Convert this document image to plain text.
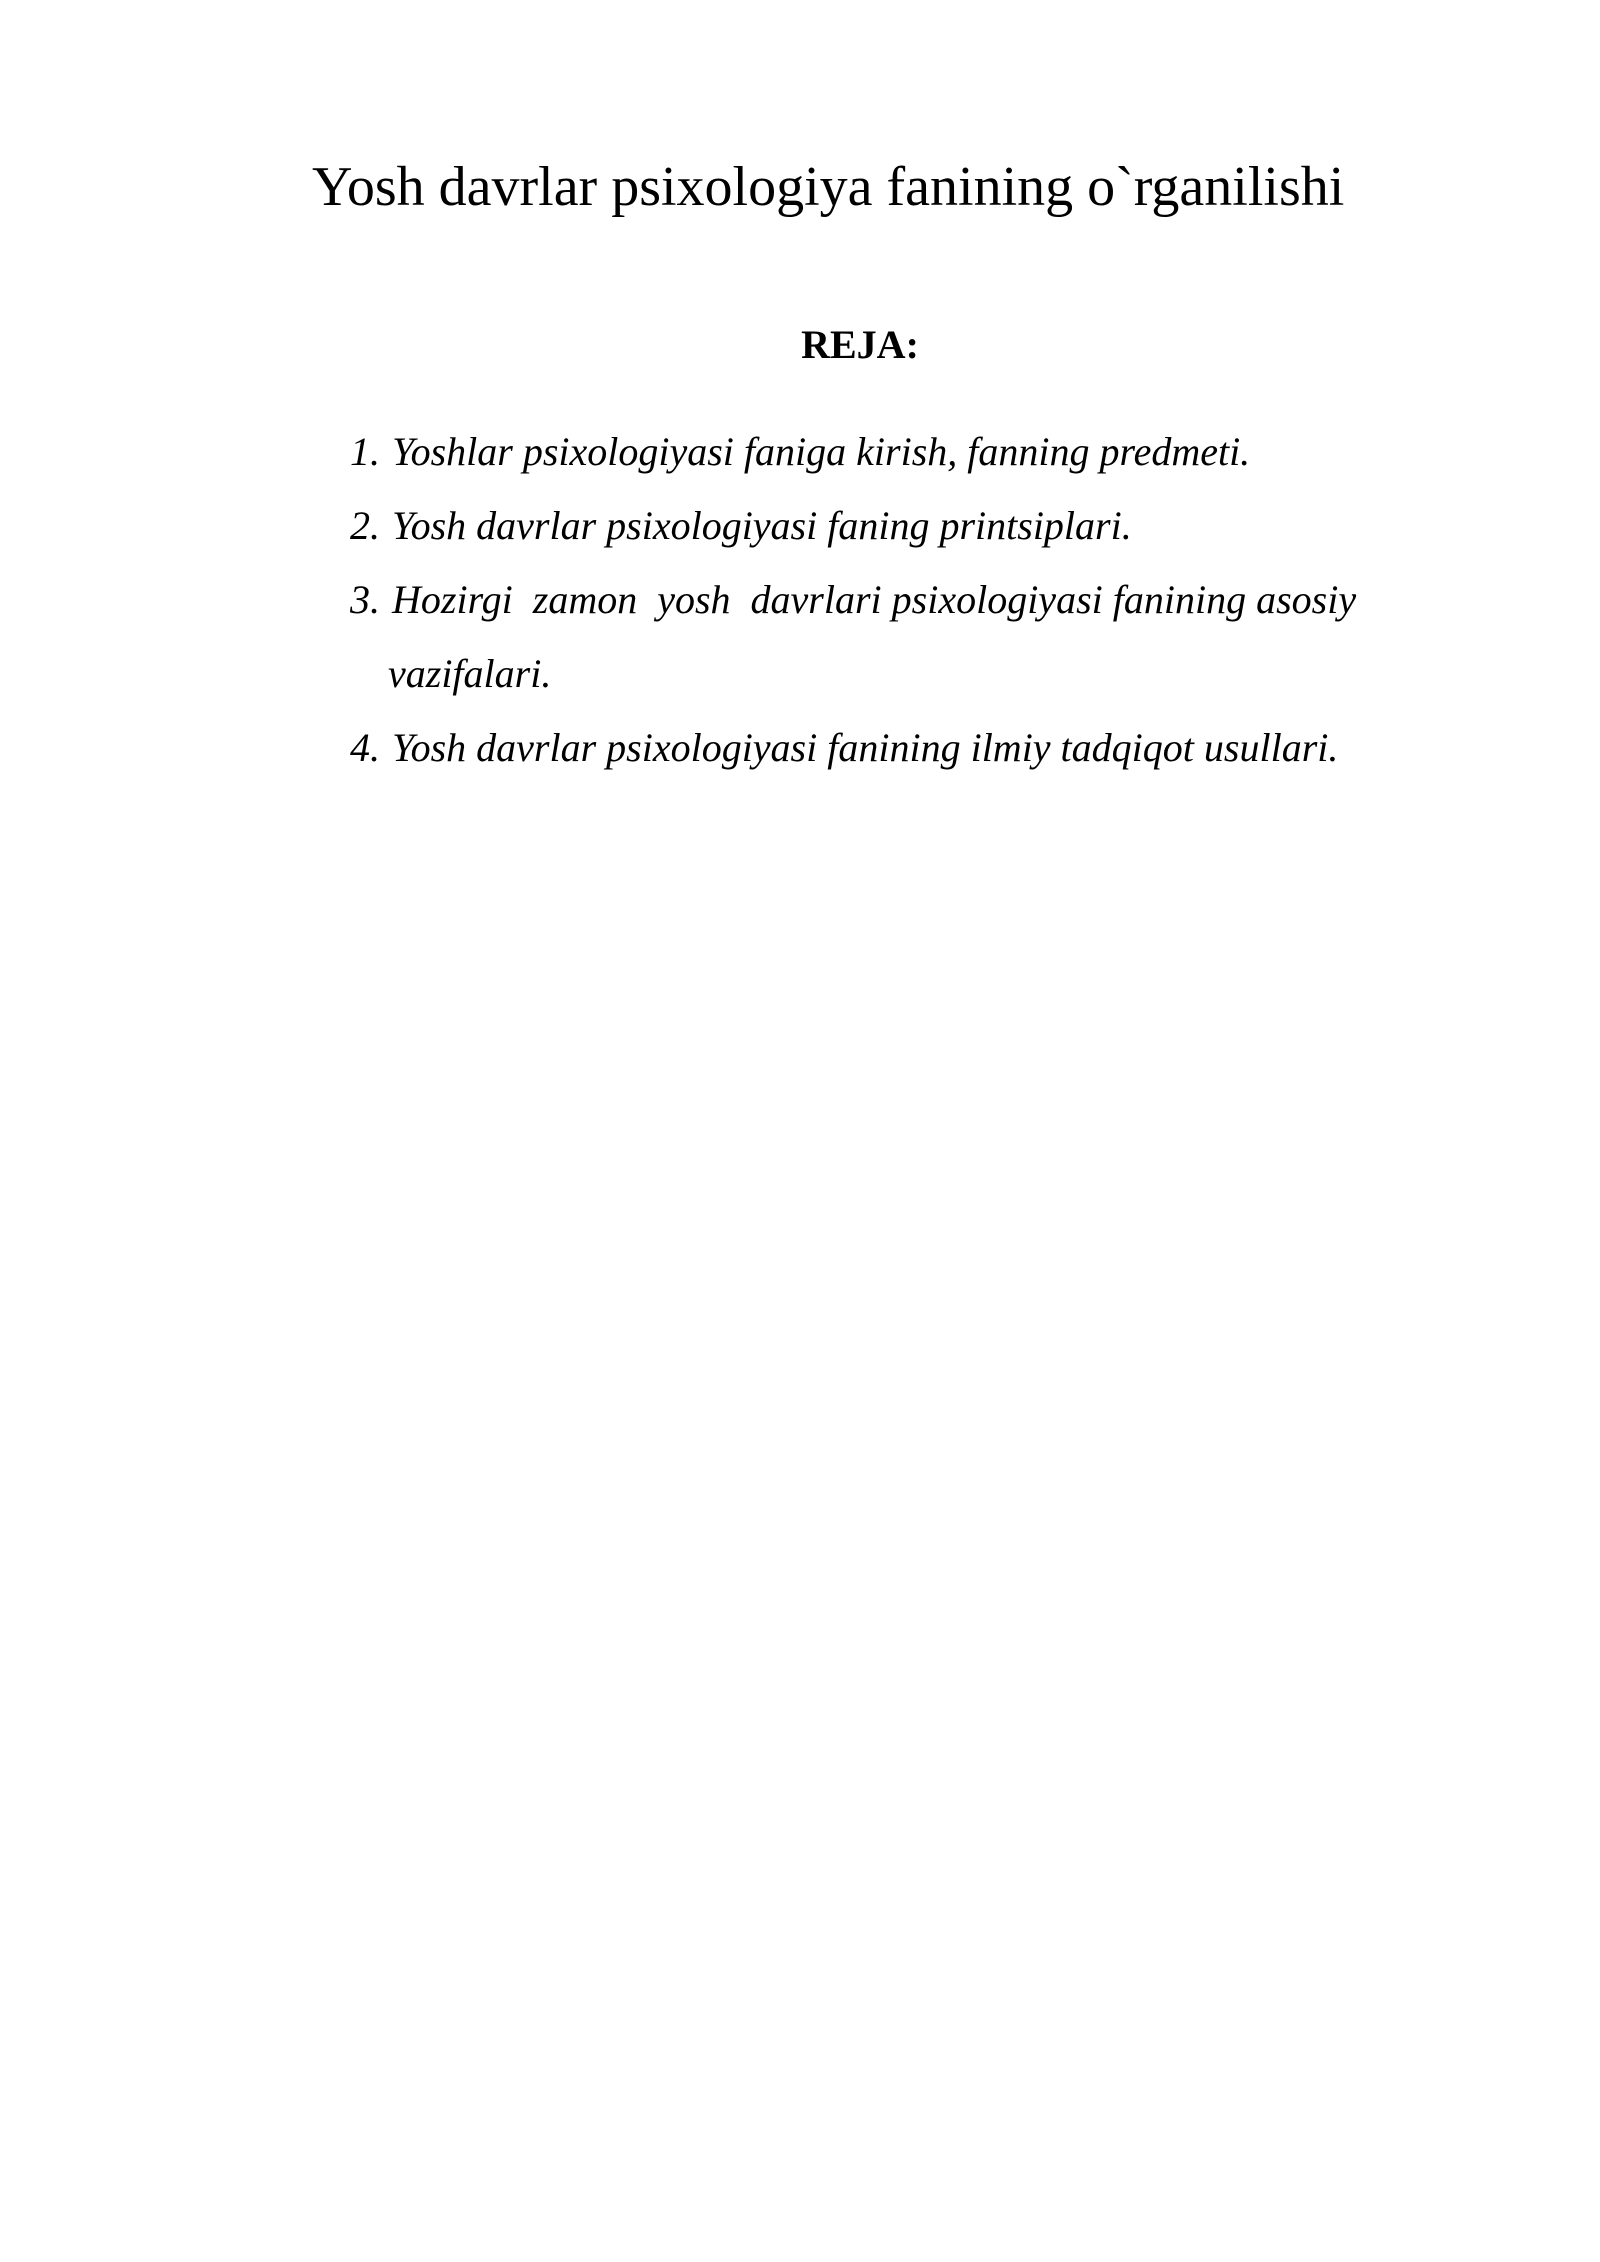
Yosh davrlar psixologiya fanining o`rganilishi
REJA:
1. Yoshlar psixologiyasi faniga kirish, fanning predmeti.
2. Yosh davrlar psixologiyasi faning printsiplari.
3. Hozirgi  zamon  yosh  davrlari psixologiyasi fanining asosiy
vazifalari.
4. Yosh davrlar psixologiyasi fanining ilmiy tadqiqot usullari.
